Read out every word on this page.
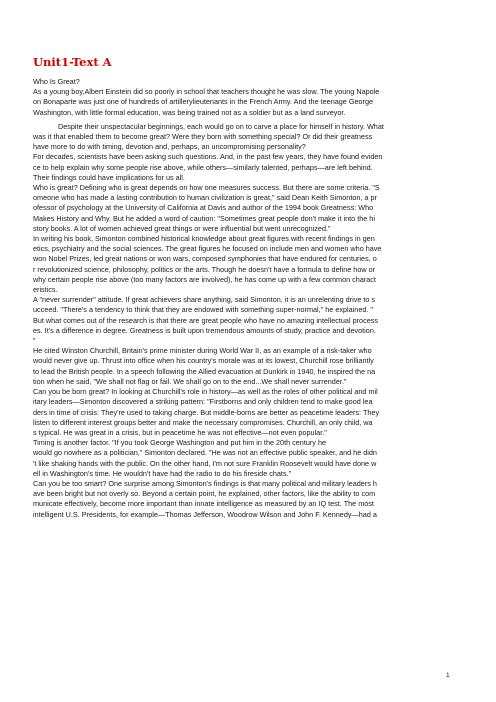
Unit1-Text A
Who Is Great?
As a young boy,Albert Einstein did so poorly in school that teachers thought he was slow. The young Napole
on Bonaparte was just one of hundreds of artillerylieutenants in the French Army. And the teenage George
Washington, with little formal education, was being trained not as a soldier but as a land surveyor.
Despite their unspectacular beginnings, each would go on to carve a place for himself in history. What
was it that enabled them to become great? Were they born with something special? Or did their greatness
have more to do with timing, devotion and, perhaps, an uncompromising personality?
For decades, scientists have been asking such questions. And, in the past few years, they have found eviden
ce to help explain why some people rise above, while others—similarly talented, perhaps—are left behind.
Their findings could have implications for us all.
Who is great? Defining who is great depends on how one measures success. But there are some criteria. "S
omeone who has made a lasting contribution to human civilization is great," said Dean Keith Simonton, a pr
ofessor of psychology at the University of California at Davis and author of the 1994 book Greatness: Who
Makes History and Why. But he added a word of caution: "Sometimes great people don't make it into the hi
story books. A lot of women achieved great things or were influential but went unrecognized."
In writing his book, Simonton combined historical knowledge about great figures with recent findings in gen
etics, psychiatry and the social sciences. The great figures he focused on include men and women who have
won Nobel Prizes, led great nations or won wars, composed symphonies that have endured for centuries, o
r revolutionized science, philosophy, politics or the arts. Though he doesn't have a formula to define how or
why certain people rise above (too many factors are involved), he has come up with a few common charact
eristics.
A "never surrender" attitude. If great achievers share anything, said Simonton, it is an unrelenting drive to s
ucceed. "There's a tendency to think that they are endowed with something super-normal," he explained. "
But what comes out of the research is that there are great people who have no amazing intellectual process
es. It's a difference in degree. Greatness is built upon tremendous amounts of study, practice and devotion.
"
He cited Winston Churchill, Britain's prime minister during World War II, as an example of a risk-taker who
would never give up. Thrust into office when his country's morale was at its lowest, Churchill rose brilliantly
to lead the British people. In a speech following the Allied evacuation at Dunkirk in 1940, he inspired the na
tion when he said, "We shall not flag or fail. We shall go on to the end...We shall never surrender."
Can you be born great? In looking at Churchill's role in history—as well as the roles of other political and mil
itary leaders—Simonton discovered a striking pattern: "Firstborns and only children tend to make good lea
ders in time of crisis: They're used to taking charge. But middle-borns are better as peacetime leaders: They
listen to different interest groups better and make the necessary compromises. Churchill, an only child, wa
s typical. He was great in a crisis, but in peacetime he was not effective—not even popular."
Timing is another factor. "If you took George Washington and put him in the 20th century he
would go nowhere as a politician," Simonton declared. "He was not an effective public speaker, and he didn
't like shaking hands with the public. On the other hand, I'm not sure Franklin Roosevelt would have done w
ell in Washington's time. He wouldn't have had the radio to do his fireside chats."
Can you be too smart? One surprise among Simonton's findings is that many political and military leaders h
ave been bright but not overly so. Beyond a certain point, he explained, other factors, like the ability to com
municate effectively, become more important than innate intelligence as measured by an IQ test. The most
intelligent U.S. Presidents, for example—Thomas Jefferson, Woodrow Wilson and John F. Kennedy—had a
1
